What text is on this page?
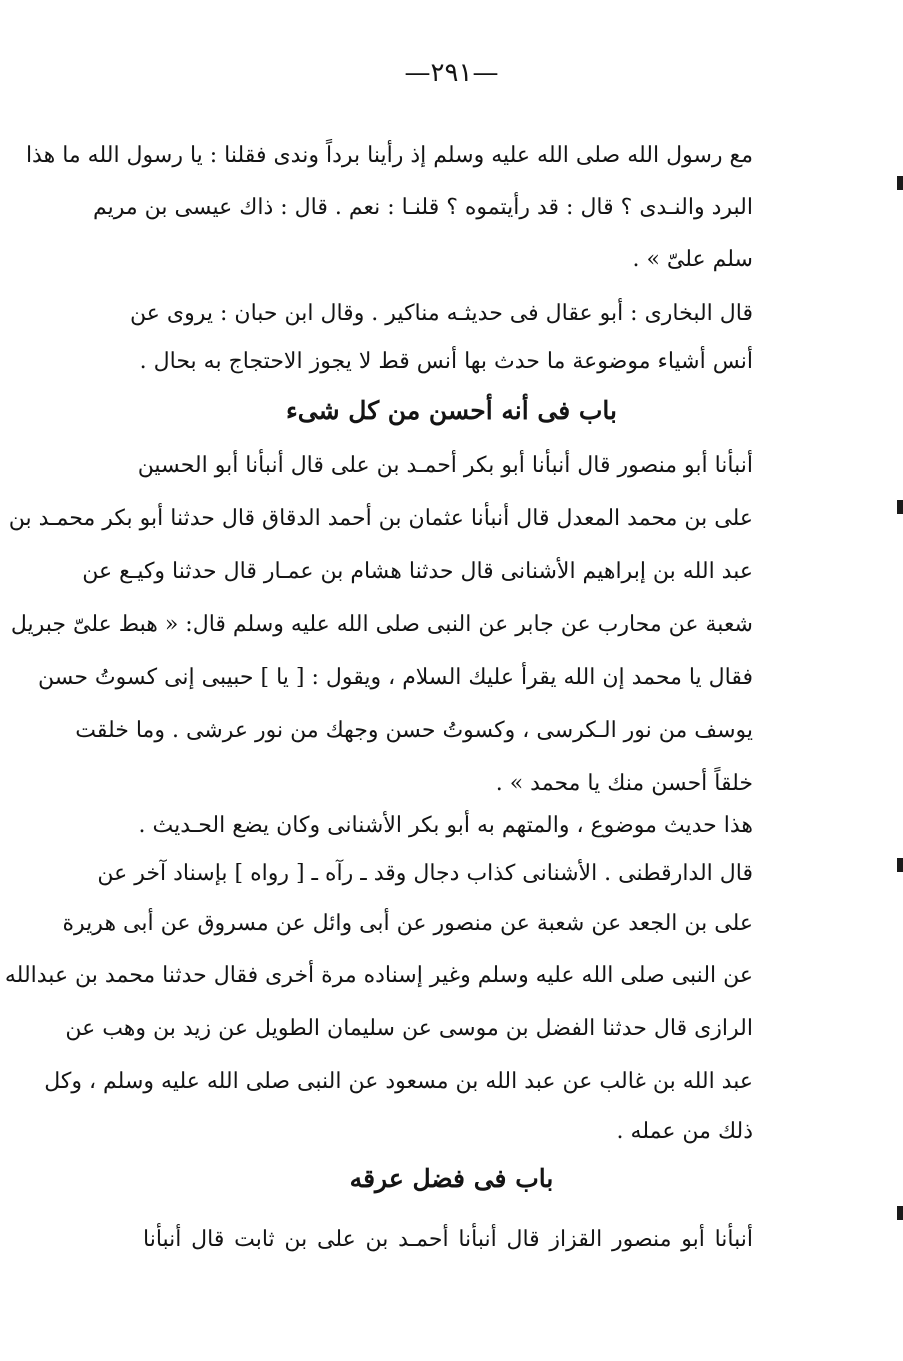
—٢٩١—
مع رسول الله صلى الله عليه وسلم إذ رأينا برداً وندى فقلنا : يا رسول الله ما هذا
البرد والنـدى ؟ قال : قد رأيتموه ؟ قلنـا : نعم . قال : ذاك عيسى بن مريم
سلم علىّ » .
قال البخارى : أبو عقال فى حديثـه مناكير . وقال ابن حبان : يروى عن
أنس أشياء موضوعة ما حدث بها أنس قط لا يجوز الاحتجاج به بحال .
باب فى أنه أحسن من كل شىء
أنبأنا أبو منصور قال أنبأنا أبو بكر أحمـد بن على قال أنبأنا أبو الحسين
على بن محمد المعدل قال أنبأنا عثمان بن أحمد الدقاق قال حدثنا أبو بكر محمـد بن
عبد الله بن إبراهيم الأشنانى قال حدثنا هشام بن عمـار قال حدثنا وكيـع عن
شعبة عن محارب عن جابر عن النبى صلى الله عليه وسلم قال: « هبط علىّ جبريل
فقال يا محمد إن الله يقرأ عليك السلام ، ويقول : [ يا ] حبيبى إنى كسوتُ حسن
يوسف من نور الـكرسى ، وكسوتُ حسن وجهك من نور عرشى . وما خلقت
خلقاً أحسن منك يا محمد » .
هذا حديث موضوع ، والمتهم به أبو بكر الأشنانى وكان يضع الحـديث .
قال الدارقطنى . الأشنانى كذاب دجال وقد ـ رآه ـ [ رواه ] بإسناد آخر عن
على بن الجعد عن شعبة عن منصور عن أبى وائل عن مسروق عن أبى هريرة
عن النبى صلى الله عليه وسلم وغير إسناده مرة أخرى فقال حدثنا محمد بن عبدالله
الرازى قال حدثنا الفضل بن موسى عن سليمان الطويل عن زيد بن وهب عن
عبد الله بن غالب عن عبد الله بن مسعود عن النبى صلى الله عليه وسلم ، وكل
ذلك من عمله .
باب فى فضل عرقه
أنبأنا أبو منصور القزاز قال أنبأنا أحمـد بن على بن ثابت قال أنبأنا
